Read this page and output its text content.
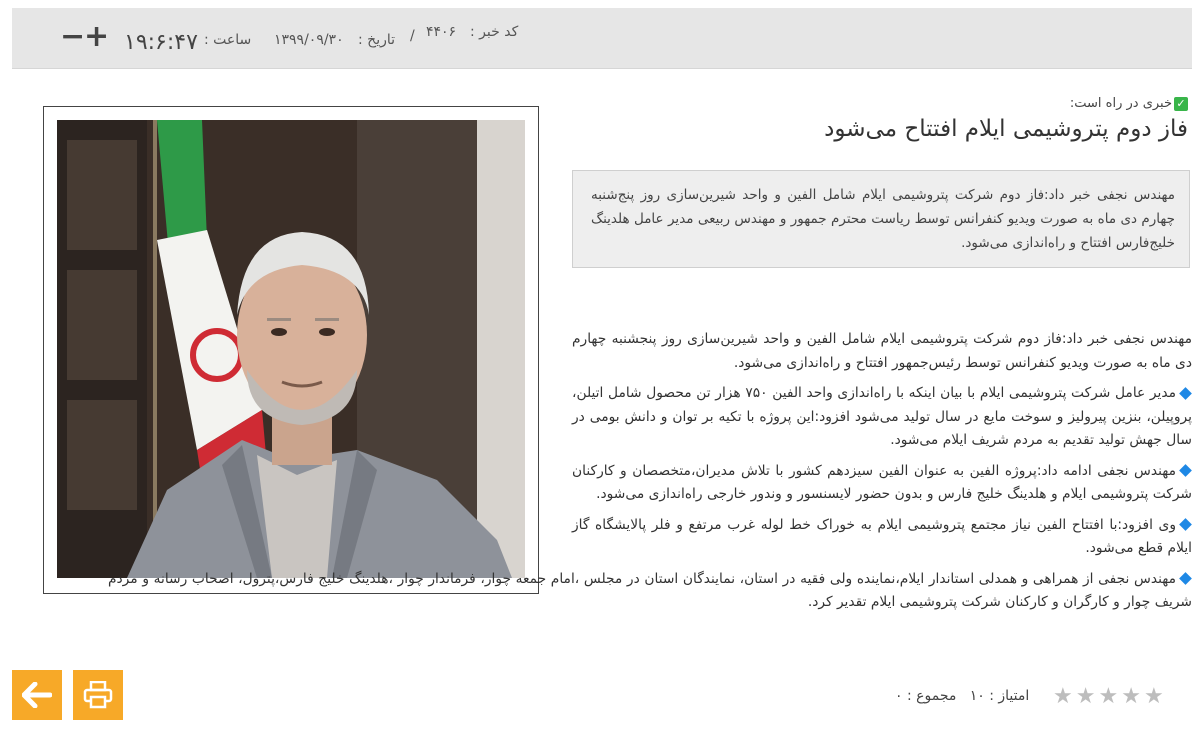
−
+ ۱۹:۶:۴۷ ساعت : ۱۳۹۹/۰۹/۳۰ تاریخ : / ۴۴۰۶ کد خبر :
✓خبری در راه است:
فاز دوم پتروشیمی ایلام افتتاح می‌شود
مهندس نجفی خبر داد:فاز دوم شرکت پتروشیمی ایلام شامل الفین و واحد شیرین‌سازی روز پنج‌شنبه چهارم دی ماه به صورت ویدیو کنفرانس توسط ریاست محترم جمهور و مهندس ربیعی مدیر عامل هلدینگ خلیج‌فارس افتتاح و راه‌اندازی می‌شود.

مهندس نجفی خبر داد:فاز دوم شرکت پتروشیمی ایلام شامل الفین و واحد شیرین‌سازی روز پنجشنبه چهارم دی ماه به صورت ویدیو کنفرانس توسط رئیس‌جمهور افتتاح و راه‌اندازی می‌شود.

مدیر عامل شرکت پتروشیمی ایلام با بیان اینکه با راه‌اندازی واحد الفین ۷۵۰ هزار تن محصول شامل اتیلن، پروپیلن، بنزین پیرولیز و سوخت مایع در سال تولید می‌شود افزود:این پروژه با تکیه بر توان و دانش بومی در سال جهش تولید تقدیم به مردم شریف ایلام می‌شود.

مهندس نجفی ادامه داد:پروژه الفین به عنوان الفین سیزدهم کشور با تلاش مدیران،متخصصان و کارکنان شرکت پتروشیمی ایلام و هلدینگ خلیج فارس و بدون حضور لایسنسور و وندور خارجی راه‌اندازی می‌شود.

وی افزود:با افتتاح الفین نیاز مجتمع پتروشیمی ایلام به خوراک خط لوله غرب مرتفع و فلر پالایشگاه گاز ایلام قطع می‌شود.

مهندس نجفی از همراهی و همدلی استاندار ایلام،نماینده ولی فقیه در استان، نمایندگان استان در مجلس ،امام جمعه چوار، فرماندار چوار ،هلدینگ خلیج فارس،پترول، اصحاب رسانه و مردم شریف چوار و کارگران و کارکنان شرکت پتروشیمی ایلام تقدیر کرد.

امتیاز : ۱۰   مجموع : ۰	★ ★ ★ ★ ★
